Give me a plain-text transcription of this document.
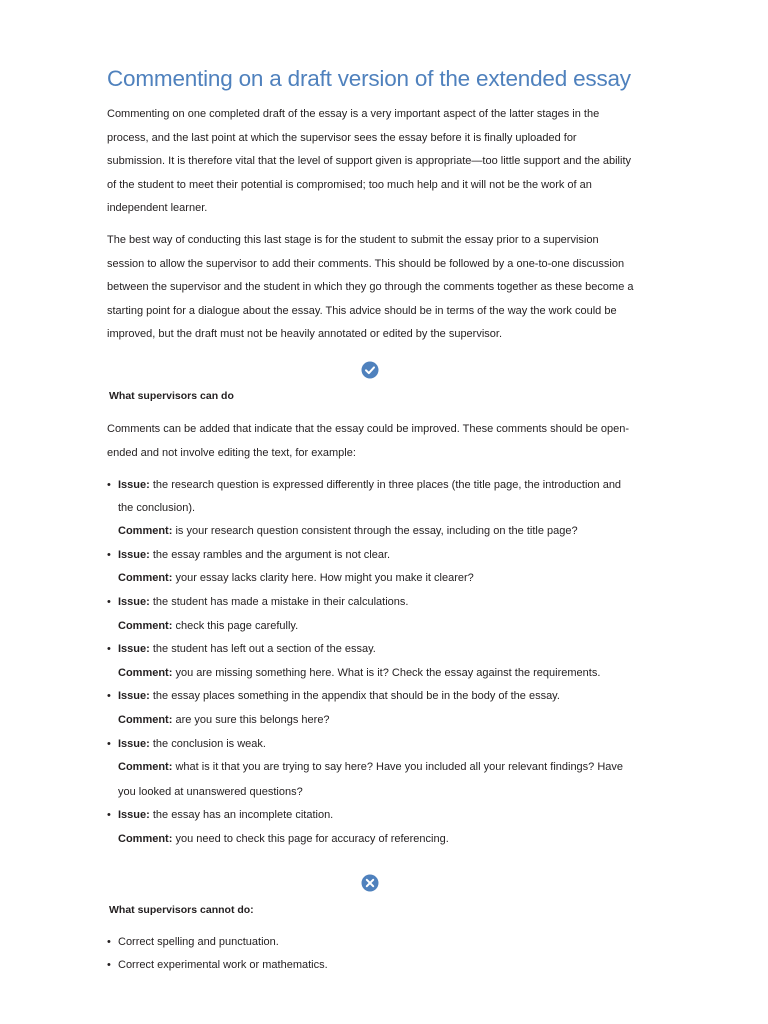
Commenting on a draft version of the extended essay

Commenting on one completed draft of the essay is a very important aspect of the latter stages in the process, and the last point at which the supervisor sees the essay before it is finally uploaded for submission. It is therefore vital that the level of support given is appropriate—too little support and the ability of the student to meet their potential is compromised; too much help and it will not be the work of an independent learner.

The best way of conducting this last stage is for the student to submit the essay prior to a supervision session to allow the supervisor to add their comments. This should be followed by a one-to-one discussion between the supervisor and the student in which they go through the comments together as these become a starting point for a dialogue about the essay. This advice should be in terms of the way the work could be improved, but the draft must not be heavily annotated or edited by the supervisor.

What supervisors can do

Comments can be added that indicate that the essay could be improved. These comments should be open-ended and not involve editing the text, for example:

• Issue: the research question is expressed differently in three places (the title page, the introduction and the conclusion).
Comment: is your research question consistent through the essay, including on the title page?
• Issue: the essay rambles and the argument is not clear.
Comment: your essay lacks clarity here. How might you make it clearer?
• Issue: the student has made a mistake in their calculations.
Comment: check this page carefully.
• Issue: the student has left out a section of the essay.
Comment: you are missing something here. What is it? Check the essay against the requirements.
• Issue: the essay places something in the appendix that should be in the body of the essay.
Comment: are you sure this belongs here?
• Issue: the conclusion is weak.
Comment: what is it that you are trying to say here? Have you included all your relevant findings? Have you looked at unanswered questions?
• Issue: the essay has an incomplete citation.
Comment: you need to check this page for accuracy of referencing.
What supervisors cannot do:
• Correct spelling and punctuation.
• Correct experimental work or mathematics.
